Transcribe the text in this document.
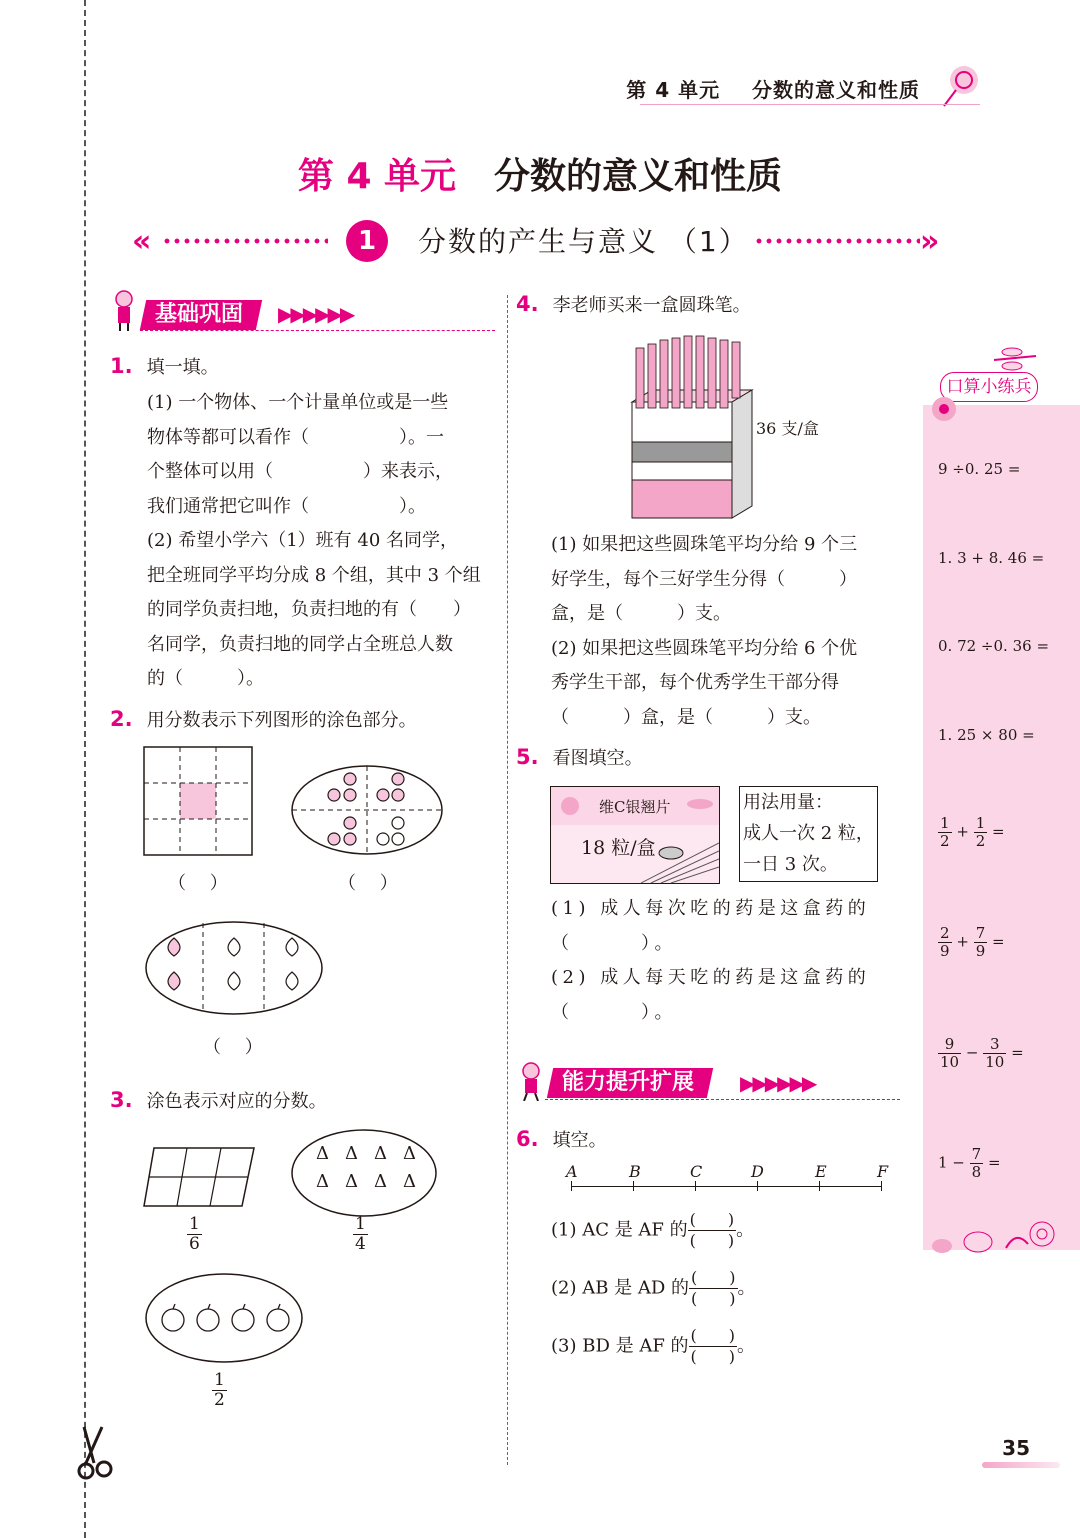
第 4 单元 分数的意义和性质
第 4 单元 分数的意义和性质
«	1	分数的产生与意义 （1）	»
基础巩固	▶▶▶▶▶▶
1. 填一填。
(1) 一个物体、一个计量单位或是一些
物体等都可以看作（　　　　　）。一
个整体可以用（　　　　　）来表示，
我们通常把它叫作（　　　　　）。
(2) 希望小学六（1）班有 40 名同学，
把全班同学平均分成 8 个组，其中 3 个组
的同学负责扫地，负责扫地的有（　　）
名同学，负责扫地的同学占全班总人数
的（　　　）。
2. 用分数表示下列图形的涂色部分。
（　 ）	（　 ）
（　 ）
3. 涂色表示对应的分数。
$\frac{1}{6}$
Δ Δ Δ Δ
Δ Δ Δ Δ
$\frac{1}{4}$
$\frac{1}{2}$
4. 李老师买来一盒圆珠笔。
36 支/盒
(1) 如果把这些圆珠笔平均分给 9 个三
好学生，每个三好学生分得（　　　）
盒，是（　　　）支。
(2) 如果把这些圆珠笔平均分给 6 个优
秀学生干部，每个优秀学生干部分得
（　　　）盒，是（　　　）支。
5. 看图填空。
维C银翘片
18 粒/盒
用法用量：
成人一次 2 粒，
一日 3 次。
(1) 成人每次吃的药是这盒药的
（　　　）。
(2) 成人每天吃的药是这盒药的
（　　　）。
能力提升扩展	▶▶▶▶▶▶
6. 填空。
A	B	C	D	E	F
(1) AC 是 AF 的 $\frac{( )}{( )}$ 。
(2) AB 是 AD 的 $\frac{( )}{( )}$ 。
(3) BD 是 AF 的 $\frac{( )}{( )}$ 。
口算小练兵
9 ÷0. 25 =
1. 3 + 8. 46 =
0. 72 ÷0. 36 =
1. 25 × 80 =
$\frac{1}{2} + \frac{1}{2}$ =
$\frac{2}{9} + \frac{7}{9}$ =
$\frac{9}{10} - \frac{3}{10}$ =
$1 - \frac{7}{8}$ =
35
